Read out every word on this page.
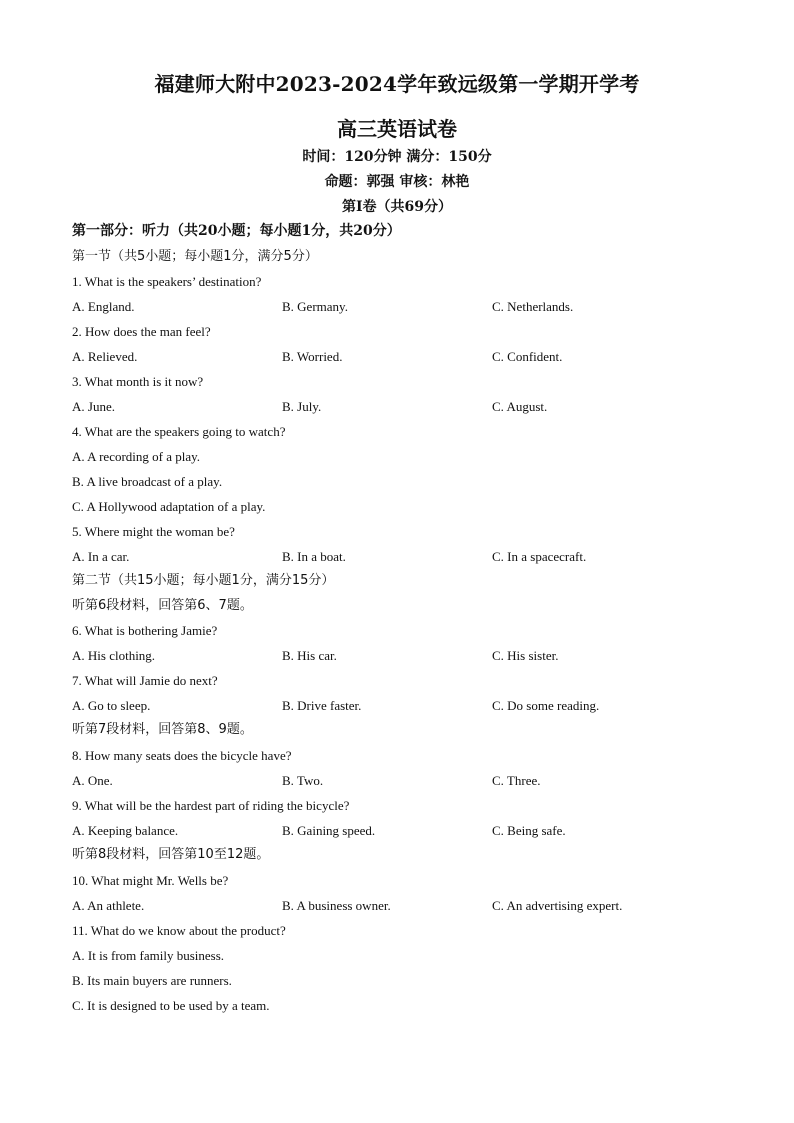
福建师大附中2023-2024学年致远级第一学期开学考
高三英语试卷
时间：120分钟 满分：150分
命题：郭强 审核：林艳
第Ⅰ卷（共69分）
第一部分：听力（共20小题；每小题1分，共20分）
第一节（共5小题；每小题1分，满分5分）
1. What is the speakers’ destination?
A. England.	B. Germany.	C. Netherlands.
2. How does the man feel?
A. Relieved.	B. Worried.	C. Confident.
3. What month is it now?
A. June.	B. July.	C. August.
4. What are the speakers going to watch?
A. A recording of a play.
B. A live broadcast of a play.
C. A Hollywood adaptation of a play.
5. Where might the woman be?
A. In a car.	B. In a boat.	C. In a spacecraft.
第二节（共15小题；每小题1分，满分15分）
听第6段材料，回答第6、7题。
6. What is bothering Jamie?
A. His clothing.	B. His car.	C. His sister.
7. What will Jamie do next?
A. Go to sleep.	B. Drive faster.	C. Do some reading.
听第7段材料，回答第8、9题。
8. How many seats does the bicycle have?
A. One.	B. Two.	C. Three.
9. What will be the hardest part of riding the bicycle?
A. Keeping balance.	B. Gaining speed.	C. Being safe.
听第8段材料，回答第10至12题。
10. What might Mr. Wells be?
A. An athlete.	B. A business owner.	C. An advertising expert.
11. What do we know about the product?
A. It is from family business.
B. Its main buyers are runners.
C. It is designed to be used by a team.
